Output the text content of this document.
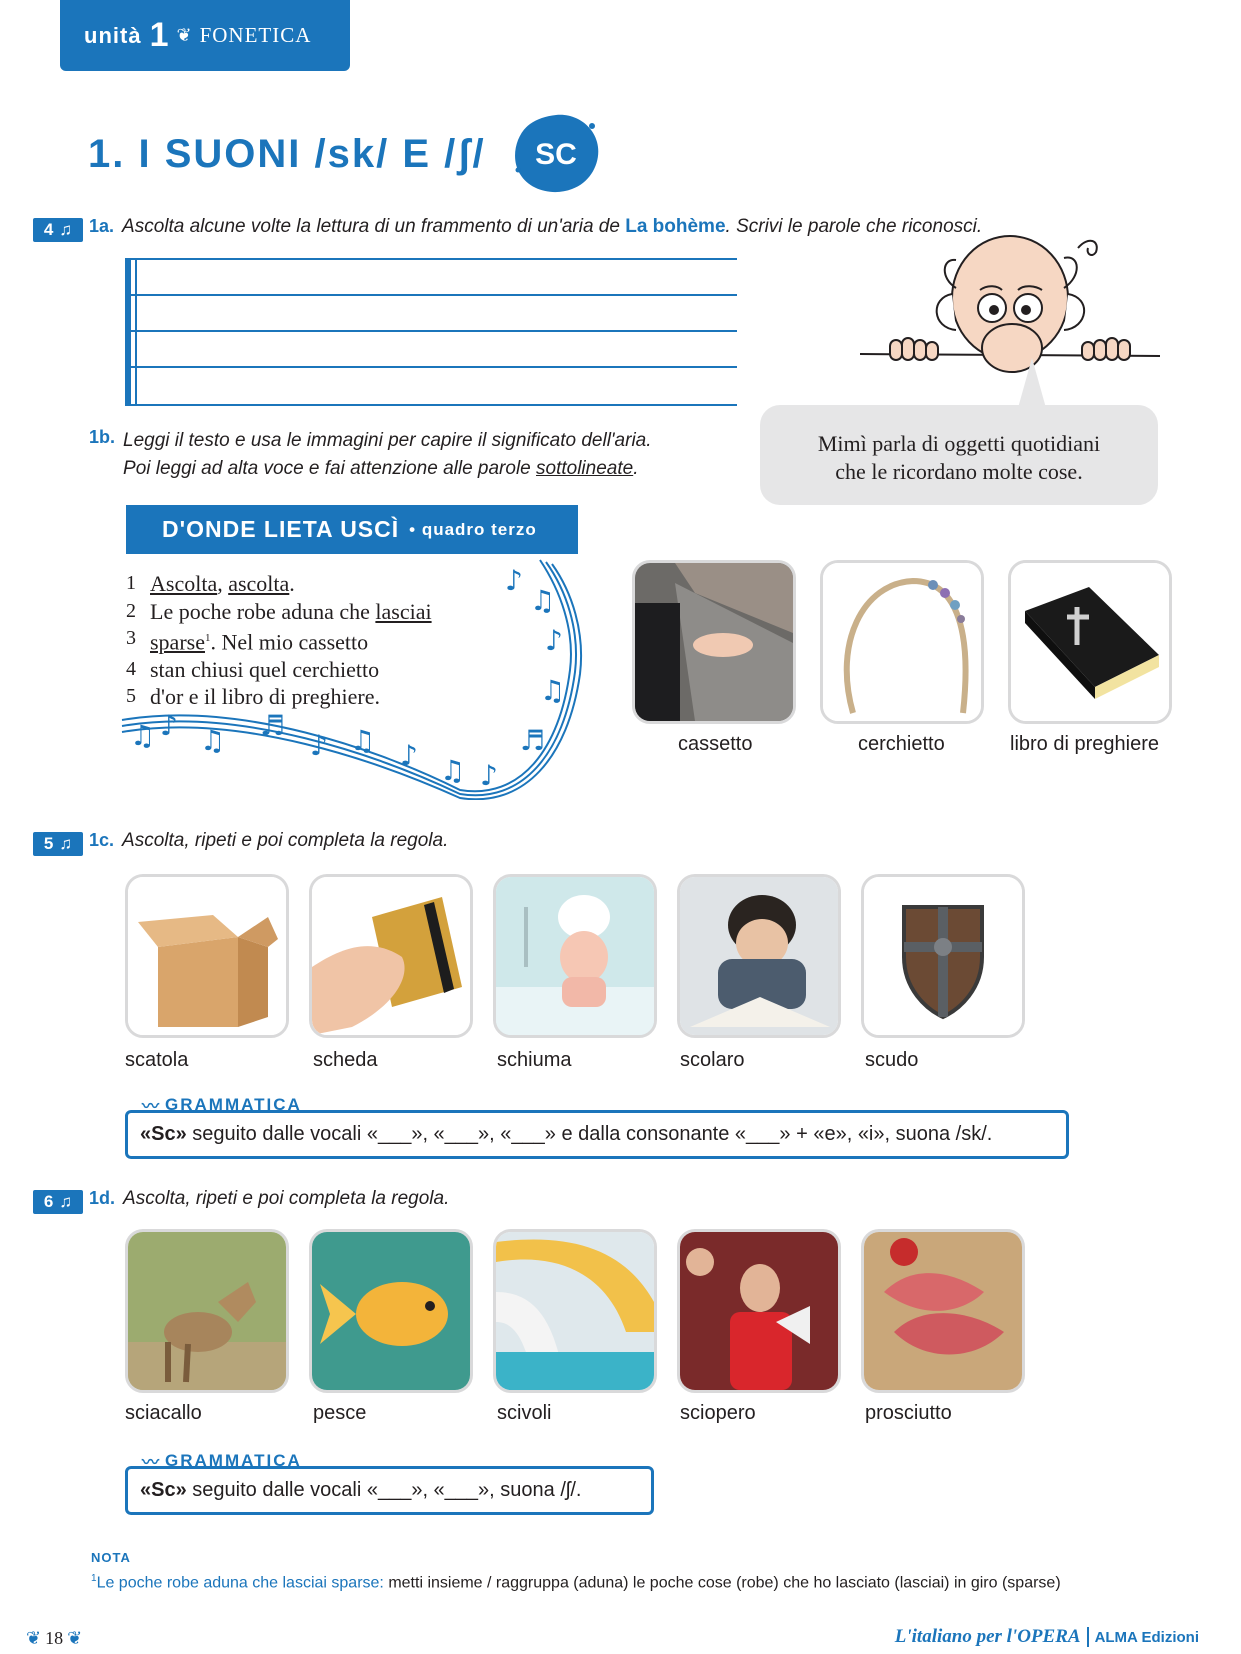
unità 1 ❦ FONETICA
1. I SUONI /sk/ E /ʃ/ SC
4 ♫ 1a. Ascolta alcune volte la lettura di un frammento di un'aria de La bohème. Scrivi le parole che riconosci.
Mimì parla di oggetti quotidiani
che le ricordano molte cose.
1b. Leggi il testo e usa le immagini per capire il significato dell'aria.
Poi leggi ad alta voce e fai attenzione alle parole sottolineate.
D'ONDE LIETA USCÌ • quadro terzo
1 Ascolta, ascolta.
2 Le poche robe aduna che lasciai
3 sparse$^1$. Nel mio cassetto
4 stan chiusi quel cerchietto
5 d'or e il libro di preghiere.
♫ ♪ ♫ ♬
♪ ♫ ♪ ♫ ♪
♬
♫
♪
♫
♪
cassetto	cerchietto	libro di preghiere
5 ♫ 1c. Ascolta, ripeti e poi completa la regola.
scatola	scheda	schiuma	scolaro	scudo
〰 GRAMMATICA
«Sc» seguito dalle vocali «___», «___», «___» e dalla consonante «___» + «e», «i», suona /sk/.
6 ♫ 1d. Ascolta, ripeti e poi completa la regola.
sciacallo	pesce	scivoli	sciopero	prosciutto
〰 GRAMMATICA
«Sc» seguito dalle vocali «___», «___», suona /ʃ/.
NOTA
$^1$Le poche robe aduna che lasciai sparse: metti insieme / raggruppa (aduna) le poche cose (robe) che ho lasciato (lasciai) in giro (sparse)
❦ 18 ❦	L'italiano per l'OPERA ALMA Edizioni
